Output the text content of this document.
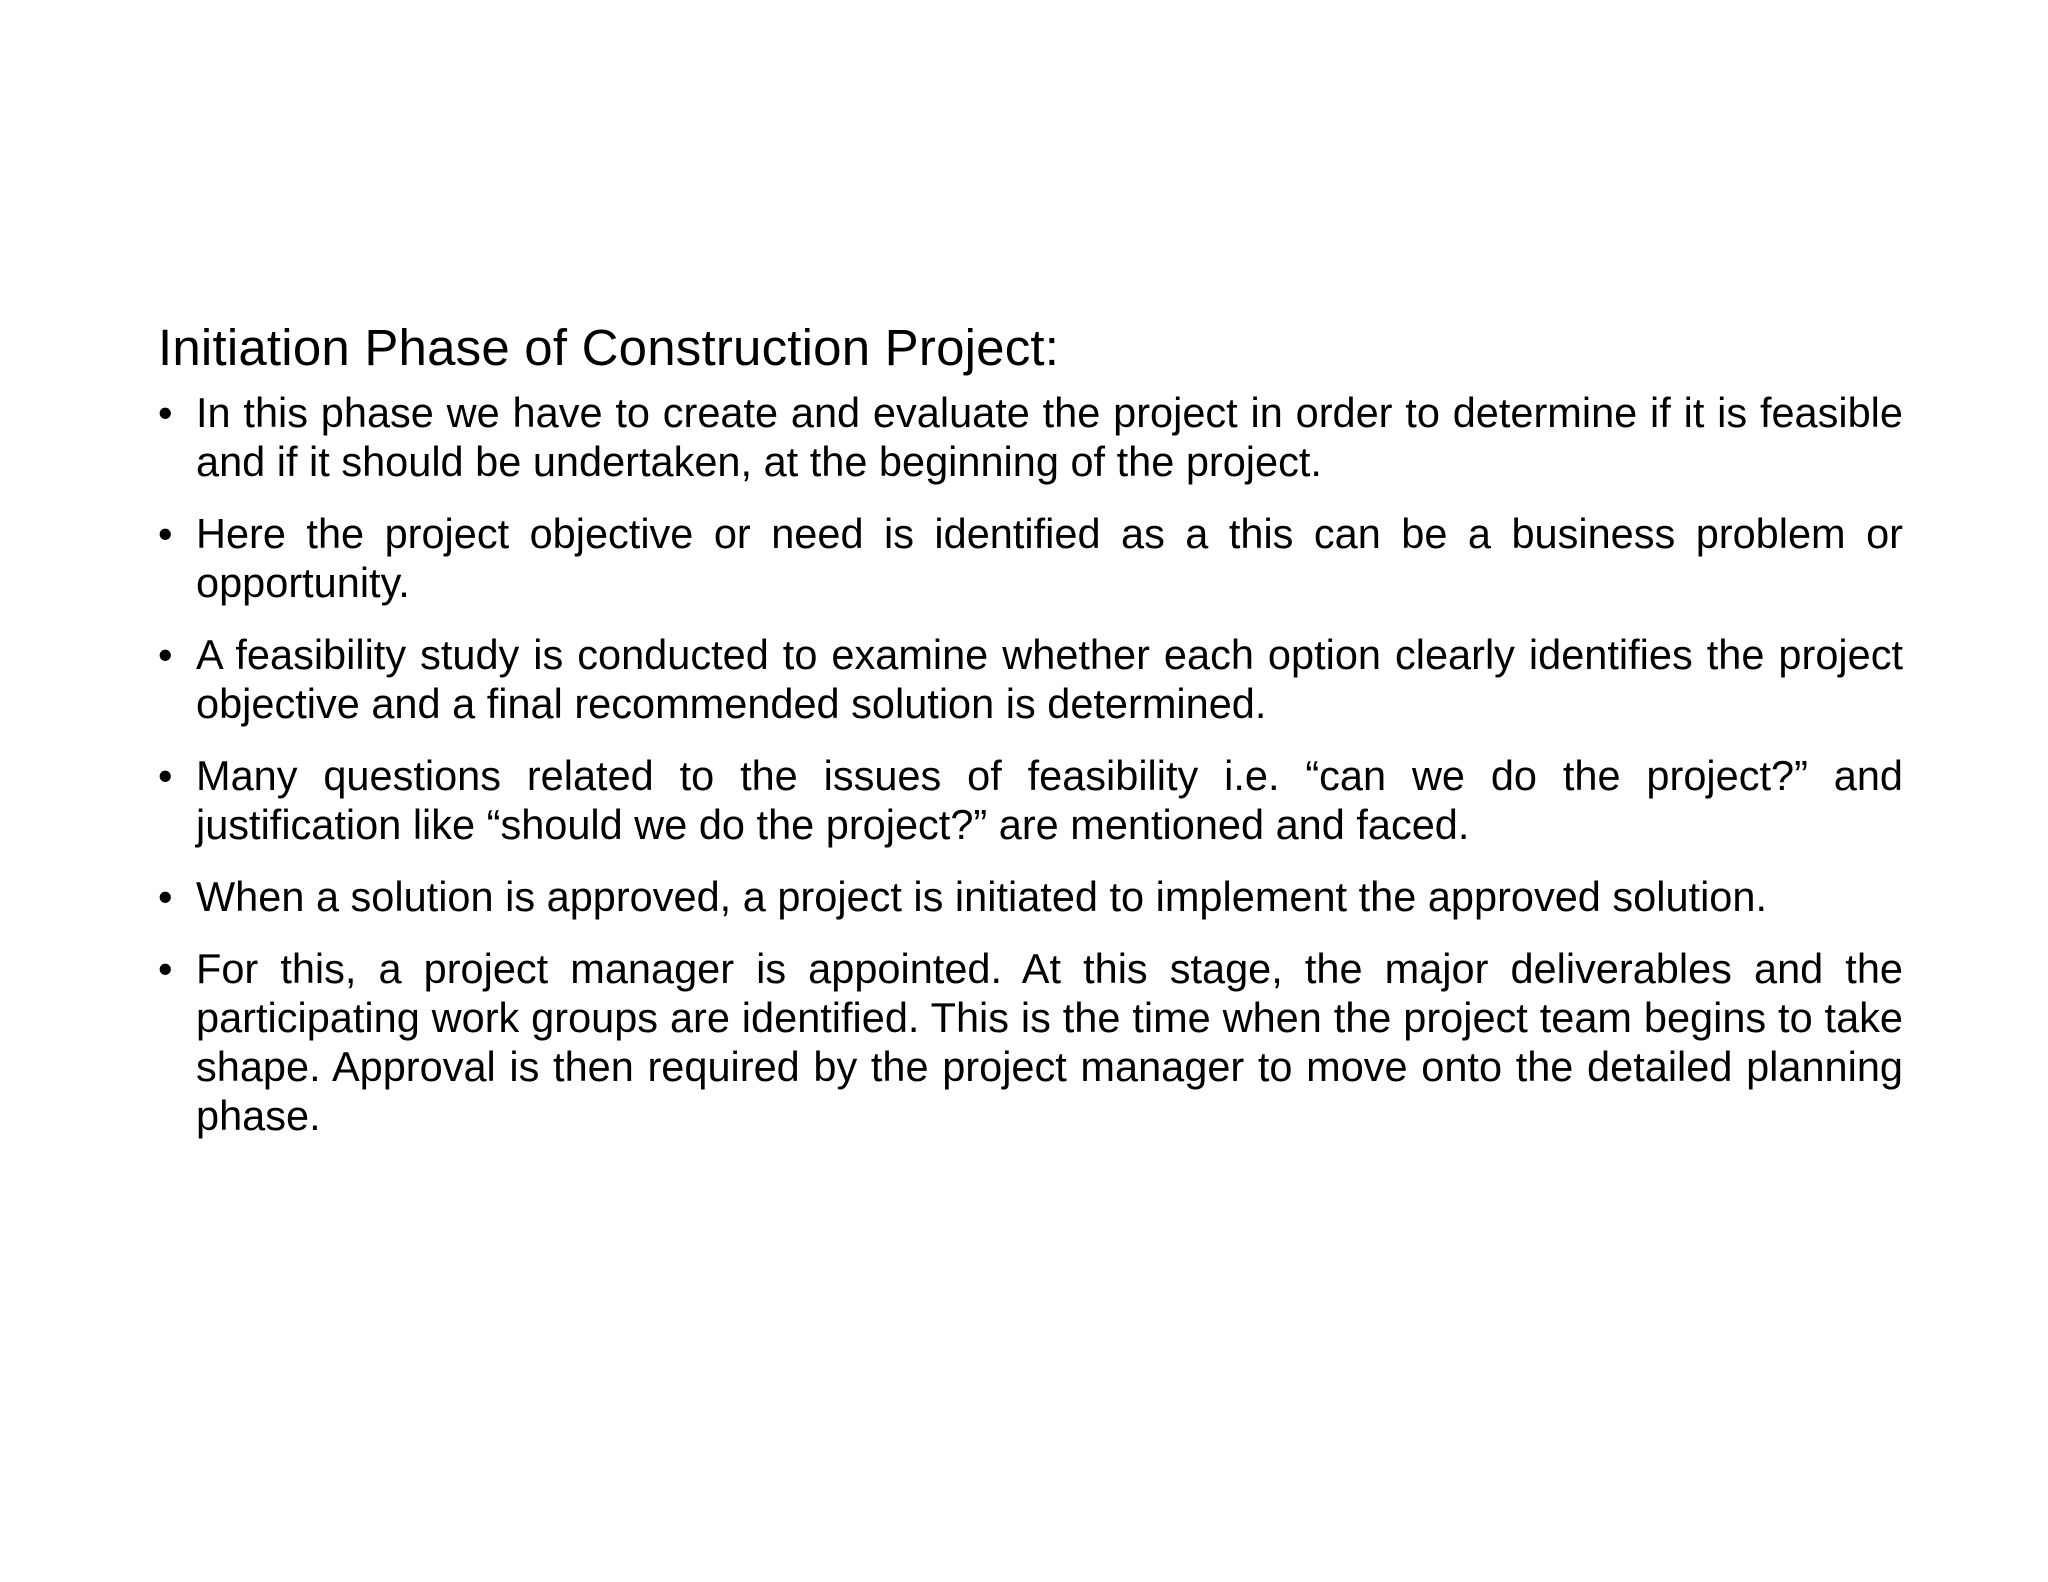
Initiation Phase of Construction Project:
• In this phase we have to create and evaluate the project in order to determine if it is feasible and if it should be undertaken, at the beginning of the project.
• Here the project objective or need is identified as a this can be a business problem or opportunity.
• A feasibility study is conducted to examine whether each option clearly identifies the project objective and a final recommended solution is determined.
• Many questions related to the issues of feasibility i.e. “can we do the project?” and justification like “should we do the project?” are mentioned and faced.
• When a solution is approved, a project is initiated to implement the approved solution.
• For this, a project manager is appointed. At this stage, the major deliverables and the participating work groups are identified. This is the time when the project team begins to take shape. Approval is then required by the project manager to move onto the detailed planning phase.
